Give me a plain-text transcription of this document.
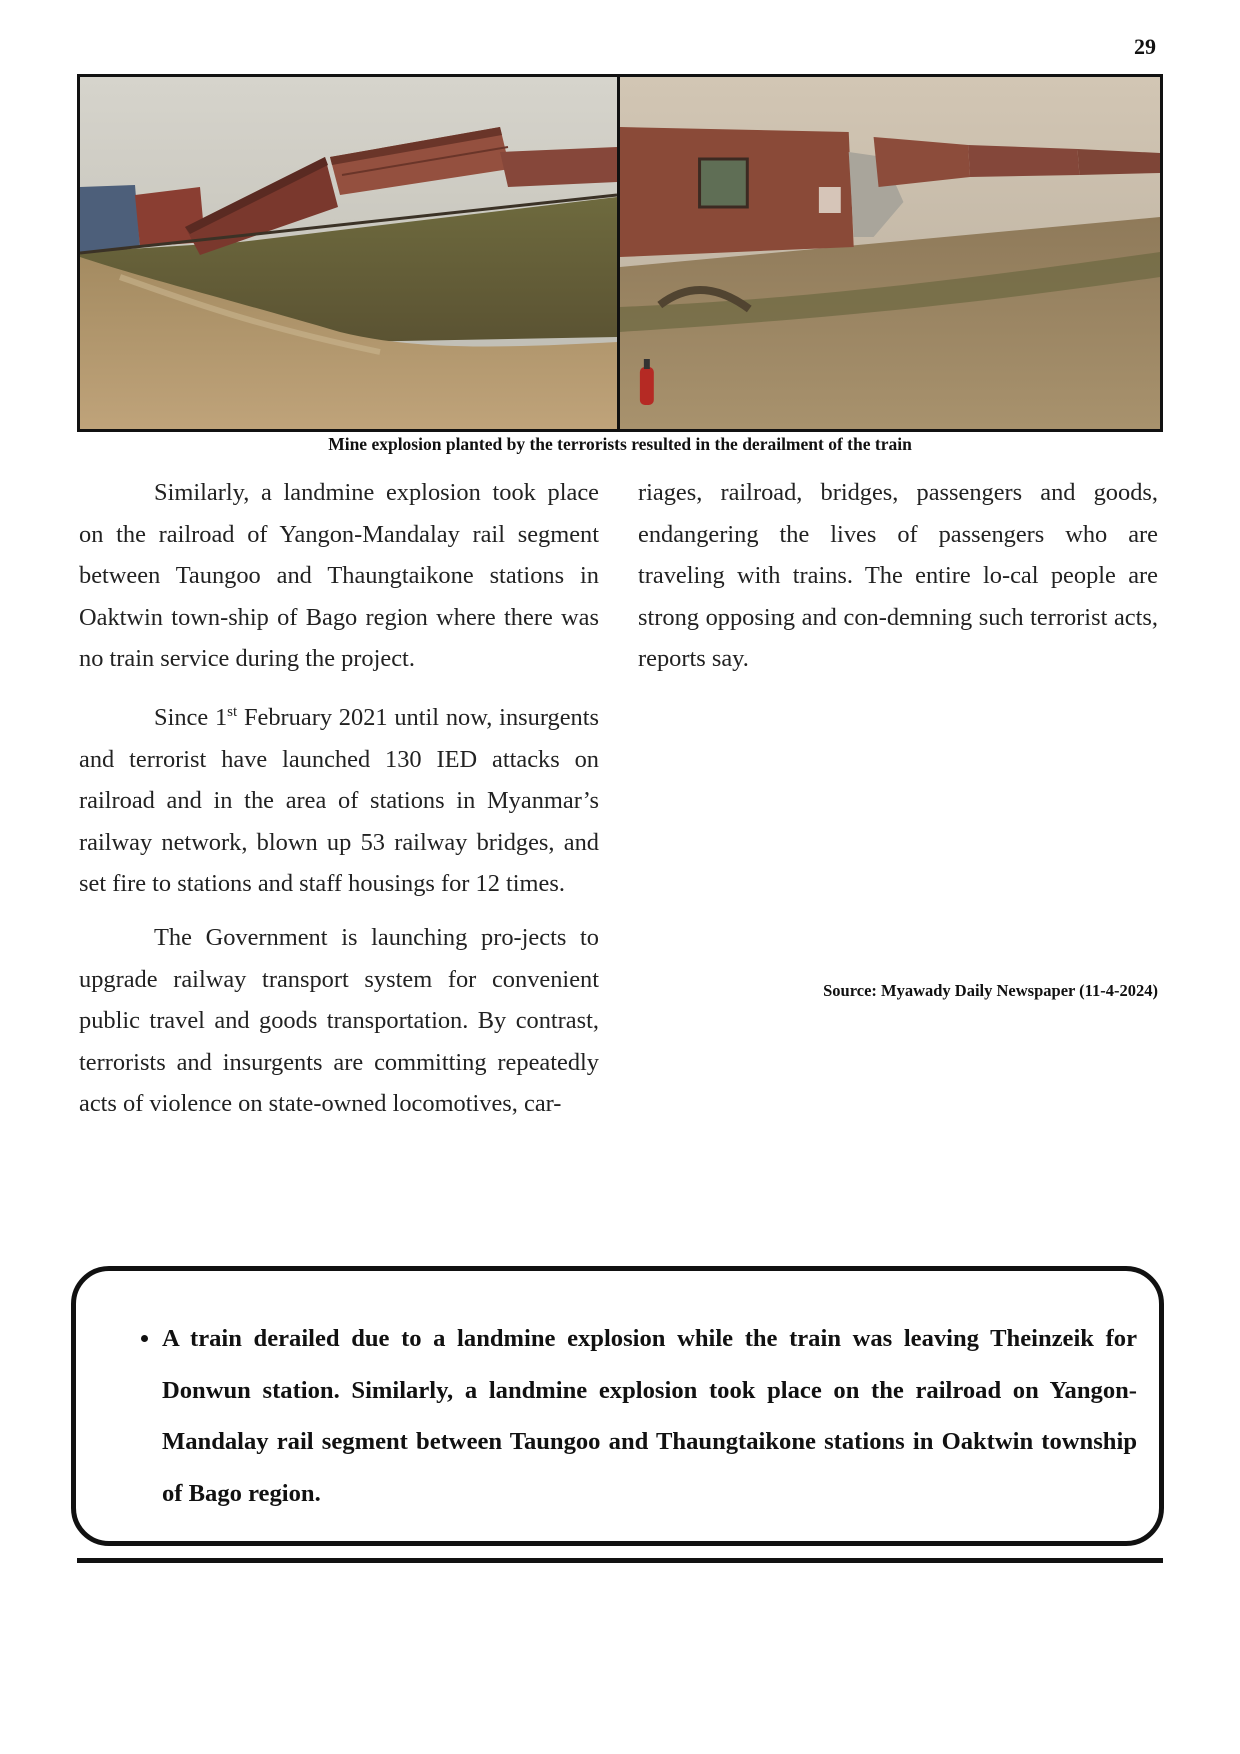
29
Mine explosion planted by the terrorists resulted in the derailment of the train

Similarly, a landmine explosion took place on the railroad of Yangon-Mandalay rail segment between Taungoo and Thaungtaikone stations in Oaktwin town-ship of Bago region where there was no train service during the project.

Since 1st February 2021 until now, insurgents and terrorist have launched 130 IED attacks on railroad and in the area of stations in Myanmar’s railway network, blown up 53 railway bridges, and set fire to stations and staff housings for 12 times.

The Government is launching pro-jects to upgrade railway transport system for convenient public travel and goods transportation. By contrast, terrorists and insurgents are committing repeatedly acts of violence on state-owned locomotives, car-

riages, railroad, bridges, passengers and goods, endangering the lives of passengers who are traveling with trains. The entire lo-cal people are strong opposing and con-demning such terrorist acts, reports say.

Source: Myawady Daily Newspaper (11-4-2024)
• A train derailed due to a landmine explosion while the train was leaving Theinzeik for Donwun station. Similarly, a landmine explosion took place on the railroad on Yangon-Mandalay rail segment between Taungoo and Thaungtaikone stations in Oaktwin township of Bago region.
